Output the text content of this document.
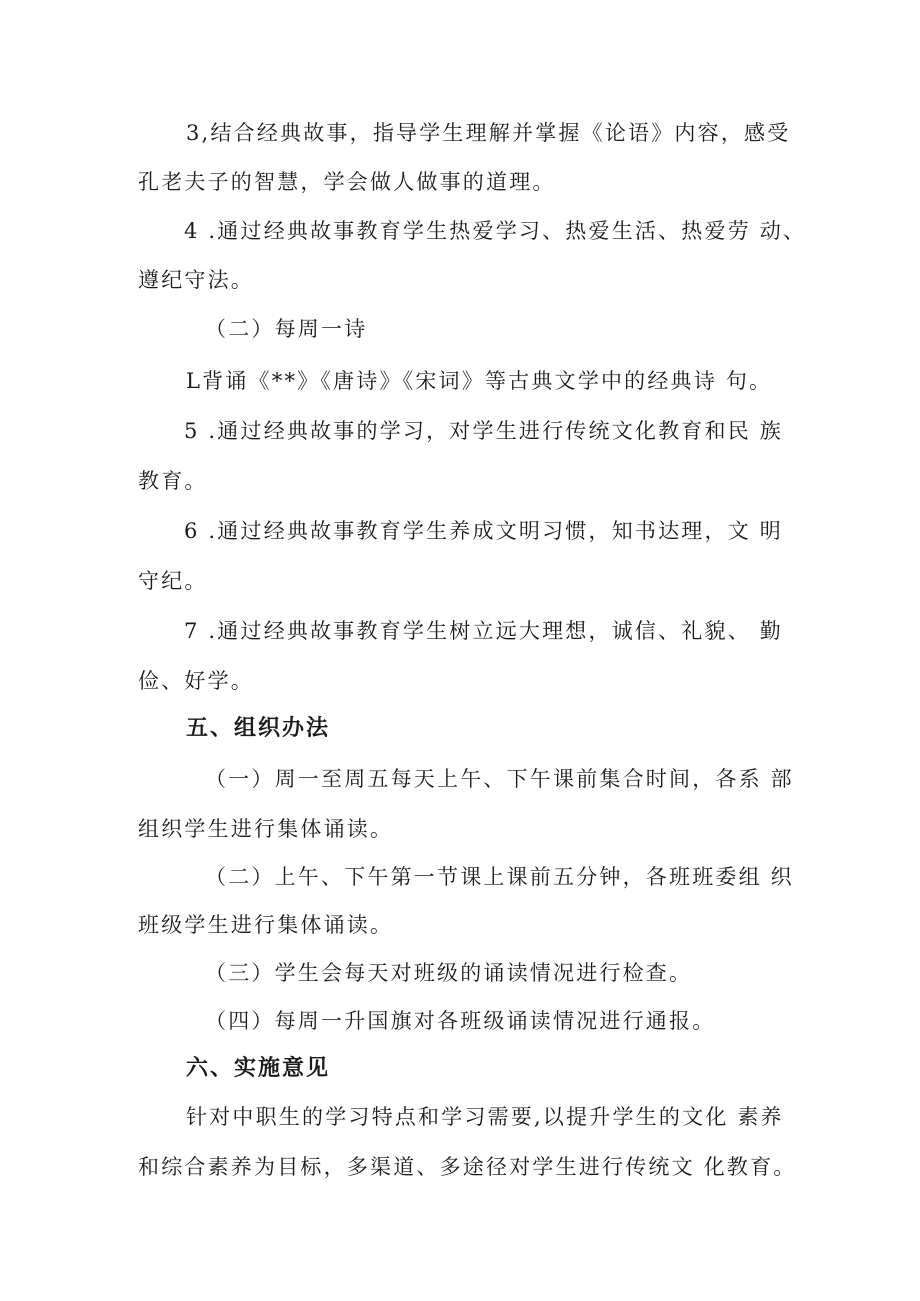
3,结合经典故事，指导学生理解并掌握《论语》内容，感受
孔老夫子的智慧，学会做人做事的道理。
4 .通过经典故事教育学生热爱学习、热爱生活、热爱劳 动、
遵纪守法。
（二）每周一诗
L背诵《**》《唐诗》《宋词》等古典文学中的经典诗 句。
5 .通过经典故事的学习，对学生进行传统文化教育和民 族
教育。
6 .通过经典故事教育学生养成文明习惯，知书达理，文 明
守纪。
7 .通过经典故事教育学生树立远大理想，诚信、礼貌、 勤
俭、好学。
五、组织办法
（一）周一至周五每天上午、下午课前集合时间，各系 部
组织学生进行集体诵读。
（二）上午、下午第一节课上课前五分钟，各班班委组 织
班级学生进行集体诵读。
（三）学生会每天对班级的诵读情况进行检查。
（四）每周一升国旗对各班级诵读情况进行通报。
六、实施意见
针对中职生的学习特点和学习需要,以提升学生的文化 素养
和综合素养为目标，多渠道、多途径对学生进行传统文 化教育。
